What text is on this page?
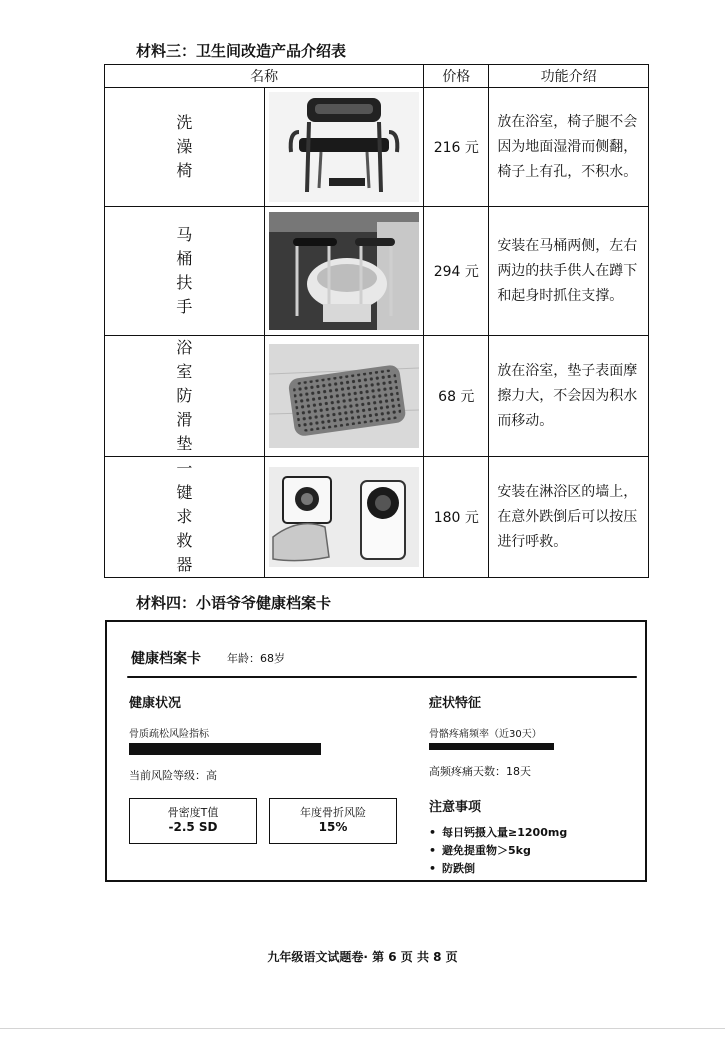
材料三：卫生间改造产品介绍表
名称		价格	功能介绍

洗
澡
椅		216 元	放在浴室，椅子腿不会因为地面湿滑而侧翻，椅子上有孔，不积水。

马
桶
扶
手		294 元	安装在马桶两侧，左右两边的扶手供人在蹲下和起身时抓住支撑。

浴
室
防
滑
垫		68 元	放在浴室，垫子表面摩擦力大，不会因为积水而移动。

一
键
求
救
器		180 元	安装在淋浴区的墙上，在意外跌倒后可以按压进行呼救。
材料四：小语爷爷健康档案卡
健康档案卡 年龄：68岁
健康状况
骨质疏松风险指标
当前风险等级：高
骨密度T值
-2.5 SD
年度骨折风险
15%
症状特征
骨骼疼痛频率（近30天）
高频疼痛天数：18天
注意事项
• 每日钙摄入量≥1200mg
• 避免提重物＞5kg
• 防跌倒
九年级语文试题卷· 第 6 页 共 8 页
